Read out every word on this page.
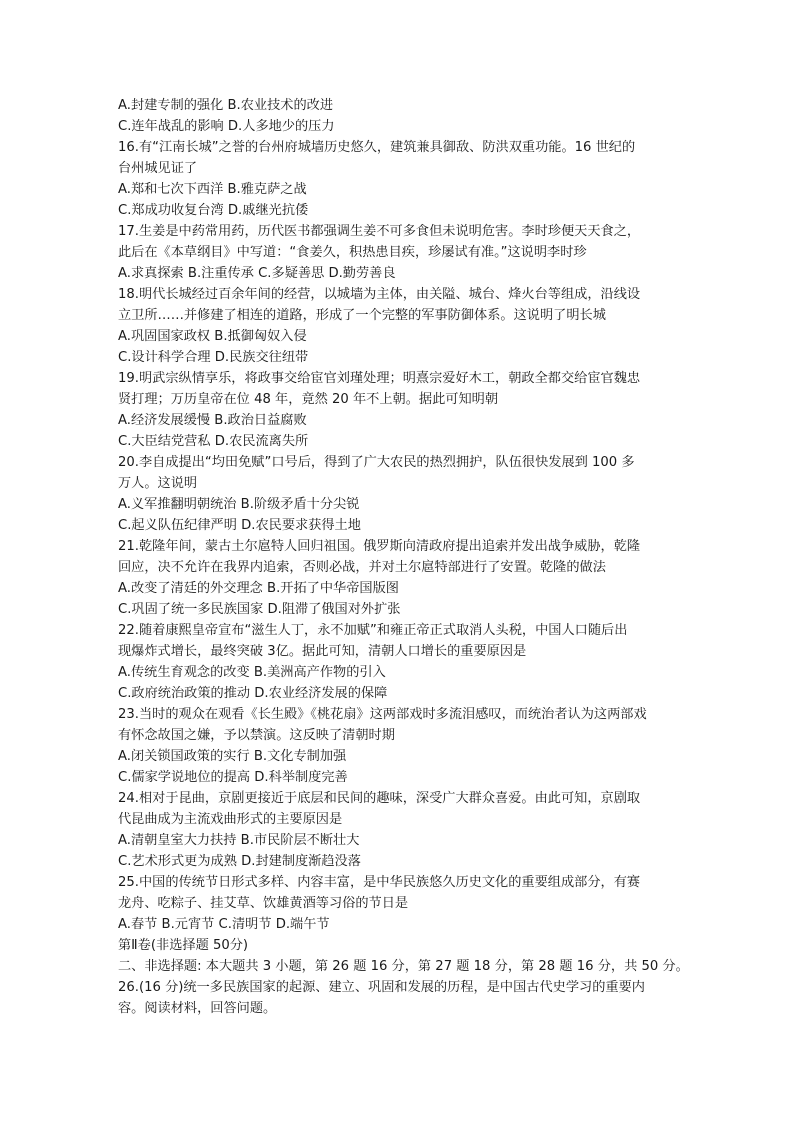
A.封建专制的强化 B.农业技术的改进
C.连年战乱的影响 D.人多地少的压力
16.有“江南长城”之誉的台州府城墙历史悠久，建筑兼具御敌、防洪双重功能。16 世纪的
台州城见证了
A.郑和七次下西洋 B.雅克萨之战
C.郑成功收复台湾 D.戚继光抗倭
17.生姜是中药常用药，历代医书都强调生姜不可多食但未说明危害。李时珍便天天食之，
此后在《本草纲目》中写道：“食姜久，积热患目疾，珍屡试有准。”这说明李时珍
A.求真探索 B.注重传承 C.多疑善思 D.勤劳善良
18.明代长城经过百余年间的经营，以城墙为主体，由关隘、城台、烽火台等组成，沿线设
立卫所……并修建了相连的道路，形成了一个完整的军事防御体系。这说明了明长城
A.巩固国家政权 B.抵御匈奴入侵
C.设计科学合理 D.民族交往纽带
19.明武宗纵情享乐，将政事交给宦官刘瑾处理；明熹宗爱好木工，朝政全都交给宦官魏忠
贤打理；万历皇帝在位 48 年，竟然 20 年不上朝。据此可知明朝
A.经济发展缓慢 B.政治日益腐败
C.大臣结党营私 D.农民流离失所
20.李自成提出“均田免赋”口号后，得到了广大农民的热烈拥护，队伍很快发展到 100 多
万人。这说明
A.义军推翻明朝统治 B.阶级矛盾十分尖锐
C.起义队伍纪律严明 D.农民要求获得土地
21.乾隆年间，蒙古土尔扈特人回归祖国。俄罗斯向清政府提出追索并发出战争威胁，乾隆
回应，决不允许在我界内追索，否则必战，并对土尔扈特部进行了安置。乾隆的做法
A.改变了清廷的外交理念 B.开拓了中华帝国版图
C.巩固了统一多民族国家 D.阻滞了俄国对外扩张
22.随着康熙皇帝宣布“滋生人丁，永不加赋”和雍正帝正式取消人头税，中国人口随后出
现爆炸式增长，最终突破 3亿。据此可知，清朝人口增长的重要原因是
A.传统生育观念的改变 B.美洲高产作物的引入
C.政府统治政策的推动 D.农业经济发展的保障
23.当时的观众在观看《长生殿》《桃花扇》这两部戏时多流泪感叹，而统治者认为这两部戏
有怀念故国之嫌，予以禁演。这反映了清朝时期
A.闭关锁国政策的实行 B.文化专制加强
C.儒家学说地位的提高 D.科举制度完善
24.相对于昆曲，京剧更接近于底层和民间的趣味，深受广大群众喜爱。由此可知，京剧取
代昆曲成为主流戏曲形式的主要原因是
A.清朝皇室大力扶持 B.市民阶层不断壮大
C.艺术形式更为成熟 D.封建制度渐趋没落
25.中国的传统节日形式多样、内容丰富，是中华民族悠久历史文化的重要组成部分，有赛
龙舟、吃粽子、挂艾草、饮雄黄酒等习俗的节日是
A.春节 B.元宵节 C.清明节 D.端午节
第Ⅱ卷(非选择题 50分)
二、非选择题: 本大题共 3 小题，第 26 题 16 分，第 27 题 18 分，第 28 题 16 分，共 50 分。
26.(16 分)统一多民族国家的起源、建立、巩固和发展的历程，是中国古代史学习的重要内
容。阅读材料，回答问题。
